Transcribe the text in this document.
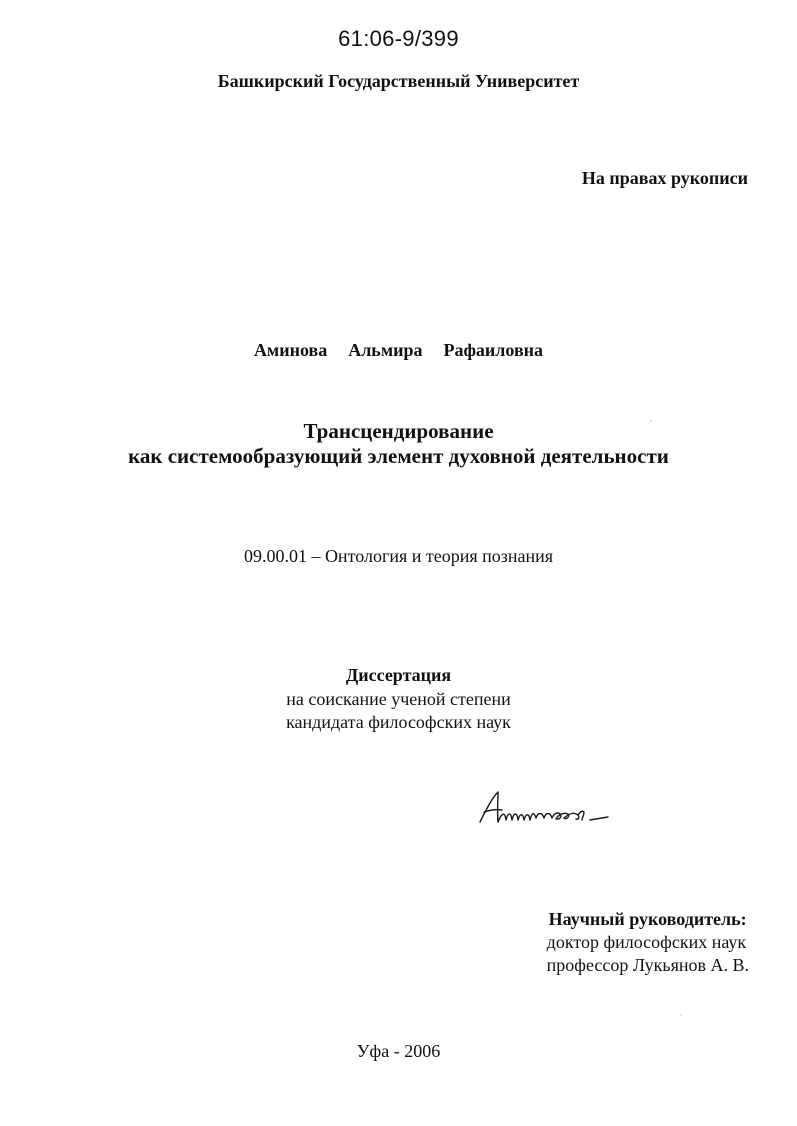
61:06-9/399
Башкирский Государственный Университет
На правах рукописи
Аминова  Альмира  Рафаиловна
Трансцендирование
как системообразующий элемент духовной деятельности
09.00.01 – Онтология и теория познания
Диссертация
на соискание ученой степени
кандидата философских наук
Научный руководитель:
доктор философских наук
профессор Лукьянов А. В.
Уфа - 2006
